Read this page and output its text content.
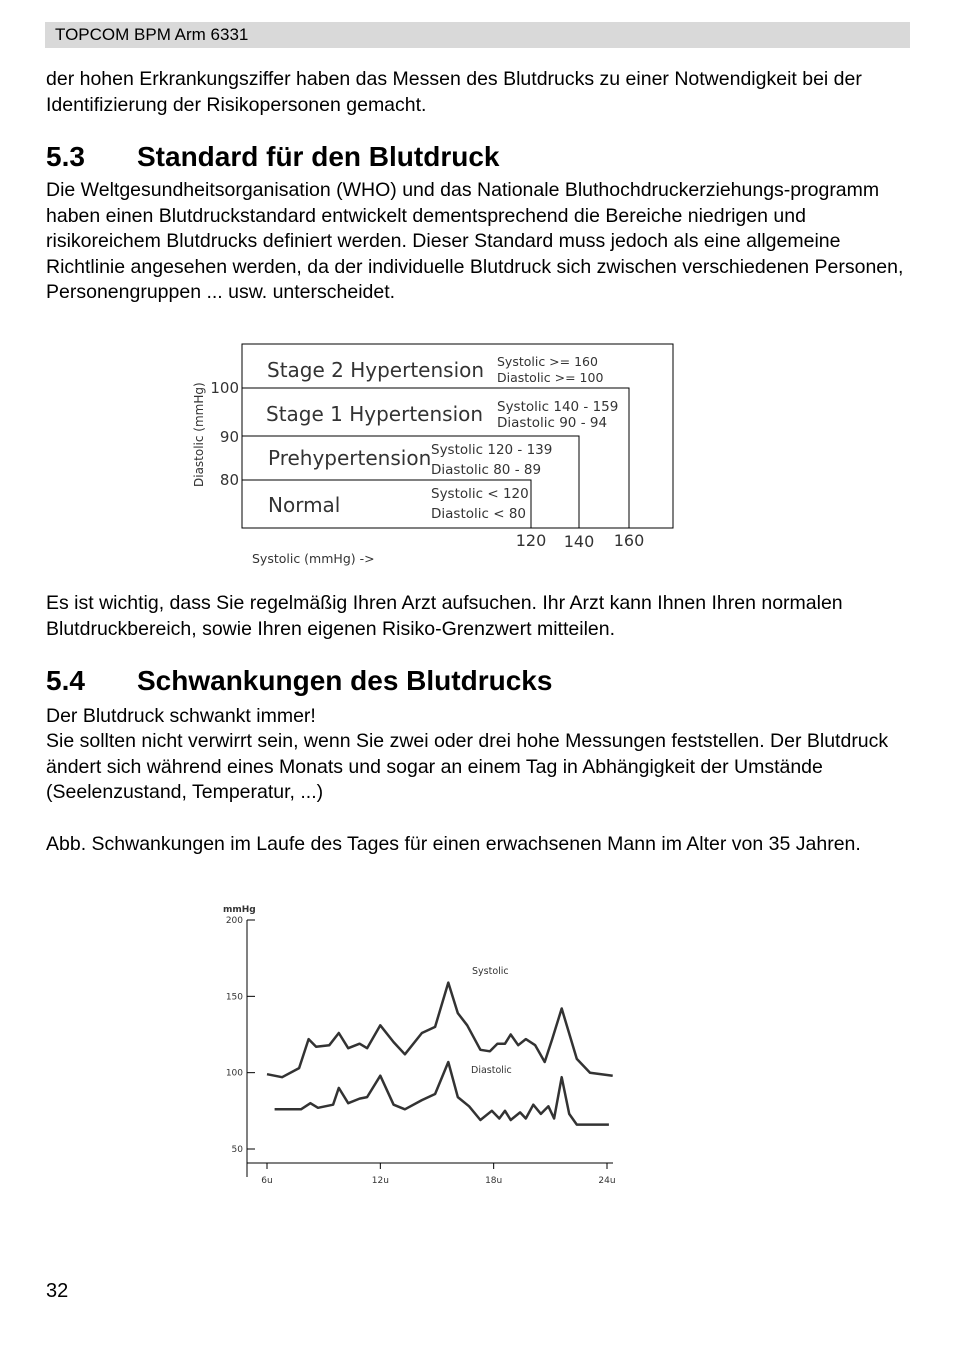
TOPCOM BPM Arm 6331

der hohen Erkrankungsziffer haben das Messen des Blutdrucks zu einer Notwendigkeit bei der Identifizierung der Risikopersonen gemacht.

5.3 Standard für den Blutdruck

Die Weltgesundheitsorganisation (WHO) und das Nationale Bluthochdruckerziehungs-programm haben einen Blutdruckstandard entwickelt dementsprechend die Bereiche niedrigen und risikoreichem Blutdrucks definiert werden. Dieser Standard muss jedoch als eine allgemeine Richtlinie angesehen werden, da der individuelle Blutdruck sich zwischen verschiedenen Personen, Personengruppen ... usw. unterscheidet.

Stage 2 Hypertension Systolic >= 160
Diastolic >= 100
Stage 1 Hypertension Systolic 140 - 159
Diastolic 90 - 94
Prehypertension Systolic 120 - 139
Diastolic 80 - 89
Normal	Systolic < 120
Diastolic < 80
100
90
80
120 140 160
Diastolic (mmHg)
Systolic (mmHg) ->

Es ist wichtig, dass Sie regelmäßig Ihren Arzt aufsuchen. Ihr Arzt kann Ihnen Ihren normalen Blutdruckbereich, sowie Ihren eigenen Risiko-Grenzwert mitteilen.

5.4 Schwankungen des Blutdrucks

Der Blutdruck schwankt immer!

Sie sollten nicht verwirrt sein, wenn Sie zwei oder drei hohe Messungen feststellen. Der Blutdruck ändert sich während eines Monats und sogar an einem Tag in Abhängigkeit der Umstände (Seelenzustand, Temperatur, ...)

Abb. Schwankungen im Laufe des Tages für einen erwachsenen Mann im Alter von 35 Jahren.

200
150
100
50
6u	12u	18u	24u
mmHg
Systolic
Diastolic
32
